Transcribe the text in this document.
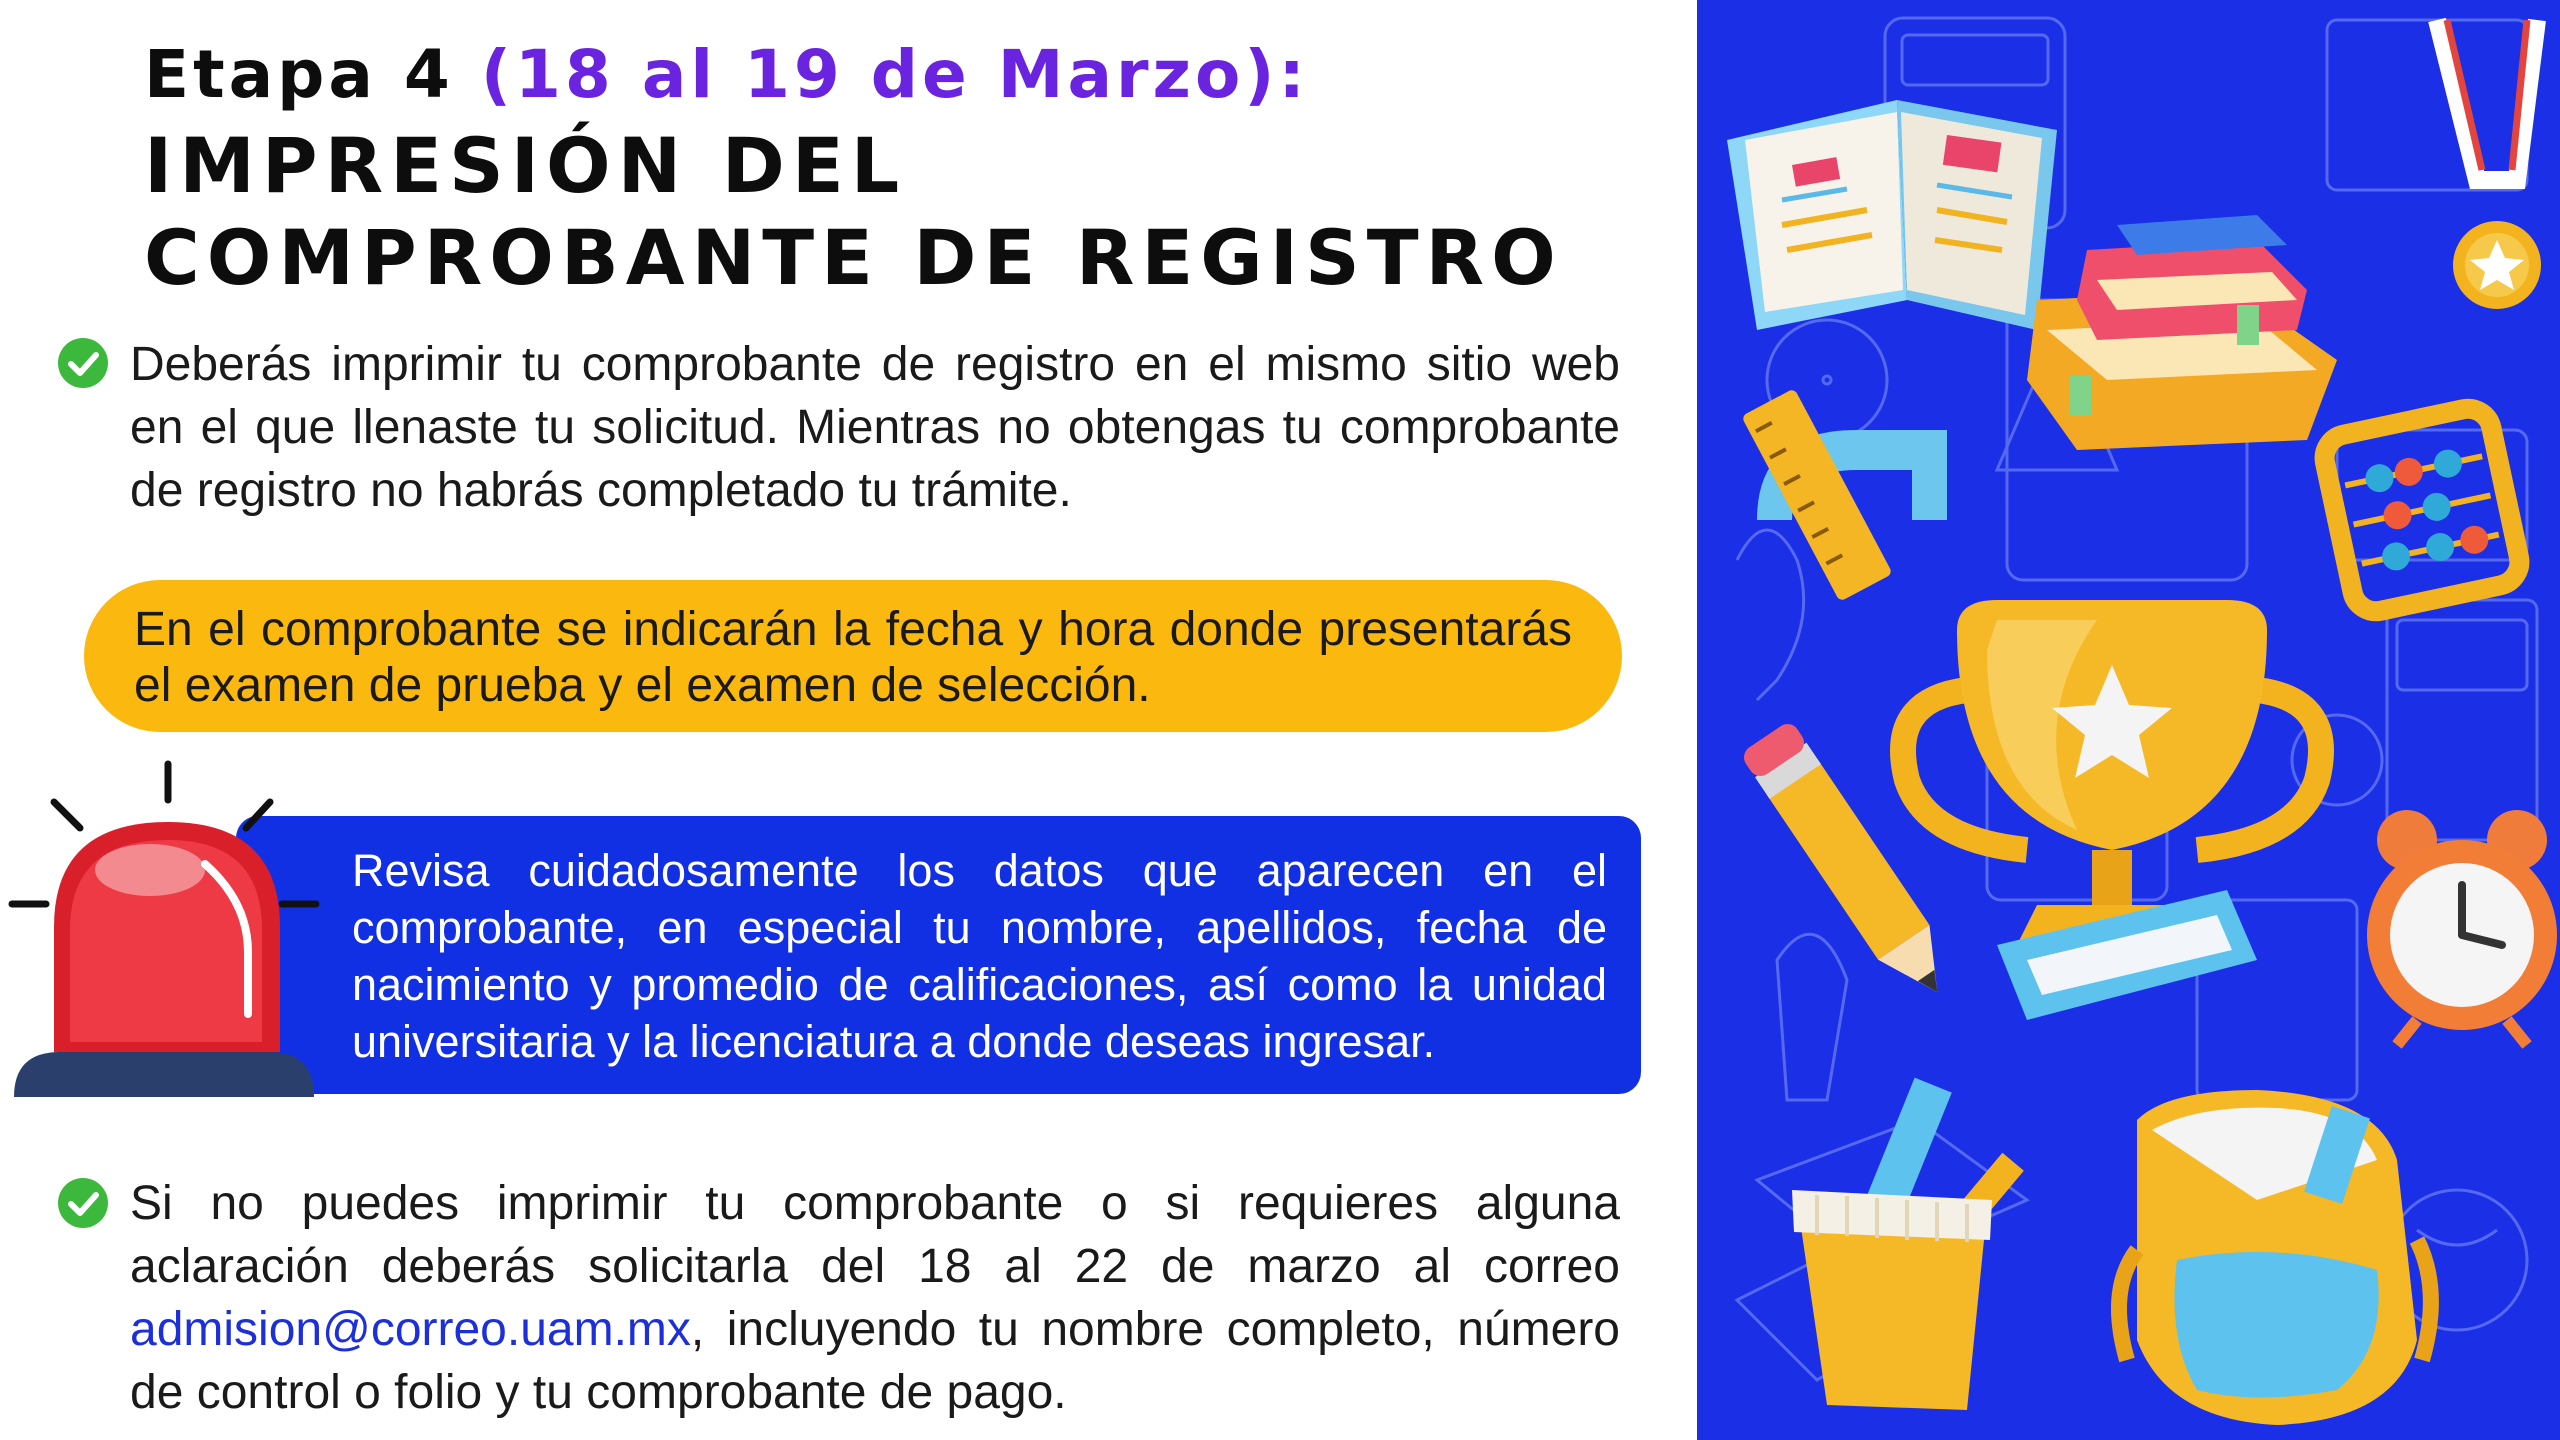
Etapa 4 (18 al 19 de Marzo):
IMPRESIÓN DEL COMPROBANTE DE REGISTRO
Deberás imprimir tu comprobante de registro en el mismo sitio web en el que llenaste tu solicitud. Mientras no obtengas tu comprobante de registro no habrás completado tu trámite.
En el comprobante se indicarán la fecha y hora donde presentarás el examen de prueba y el examen de selección.
Revisa cuidadosamente los datos que aparecen en el comprobante, en especial tu nombre, apellidos, fecha de nacimiento y promedio de calificaciones, así como la unidad universitaria y la licenciatura a donde deseas ingresar.
Si no puedes imprimir tu comprobante o si requieres alguna aclaración deberás solicitarla del 18 al 22 de marzo al correo admision@correo.uam.mx, incluyendo tu nombre completo, número de control o folio y tu comprobante de pago.
